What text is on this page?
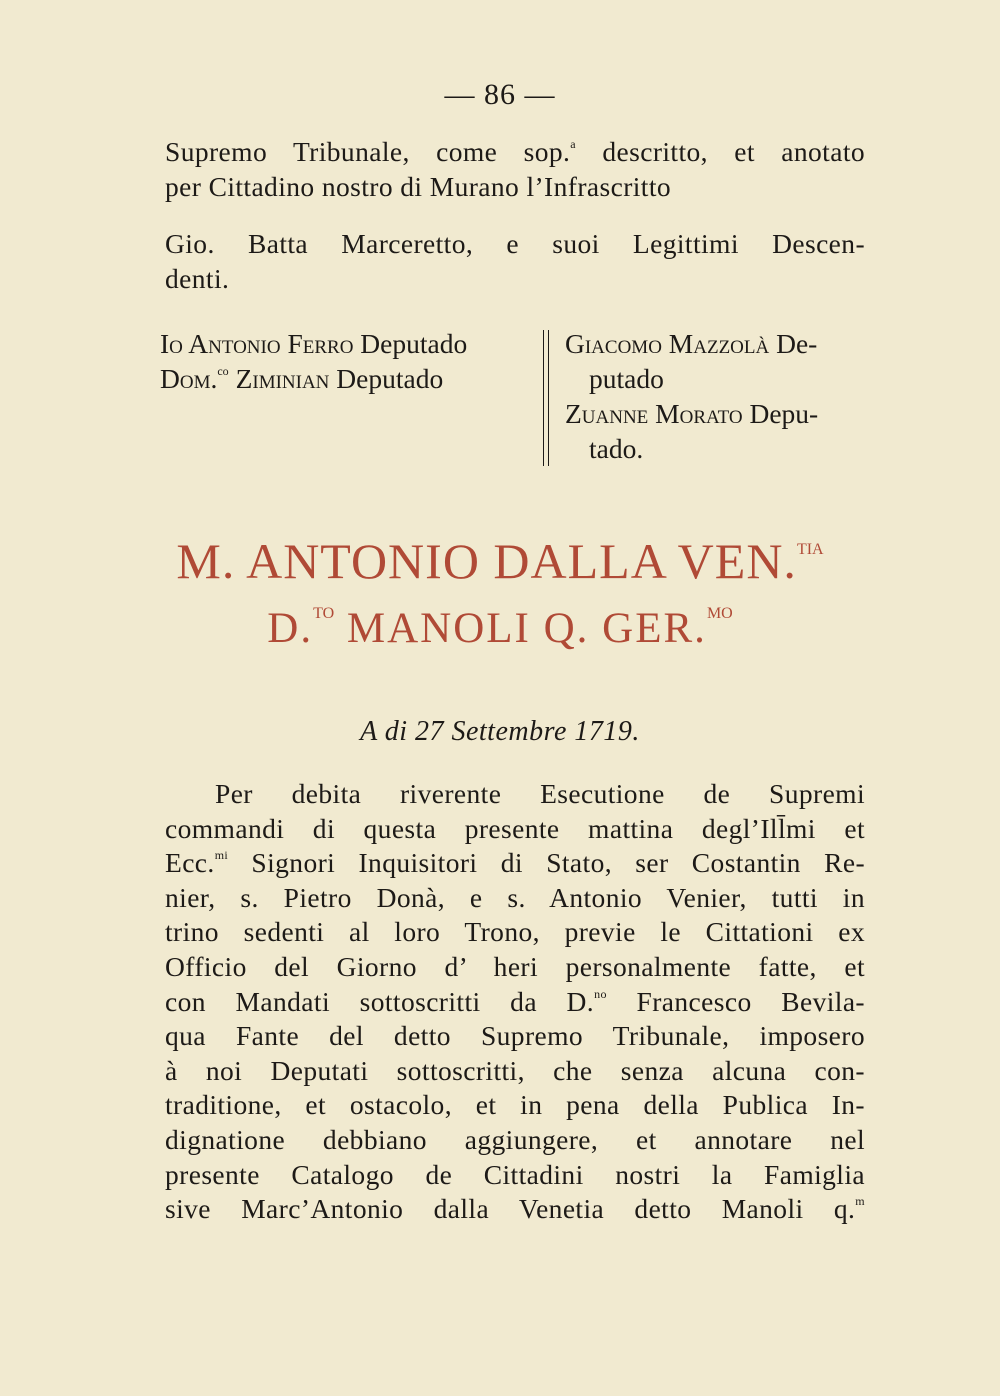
— 86 —
Supremo Tribunale, come sop.$^a$ descritto, et anotato
per Cittadino nostro di Murano l’Infrascritto
Gio. Batta Marceretto, e suoi Legittimi Descen-
denti.
Io Antonio Ferro Deputado
Dom.$^{co}$ Ziminian Deputado
Giacomo Mazzolà De-
putado
Zuanne Morato Depu-
tado.
M. ANTONIO DALLA VEN.$^{TIA}$
D.$^{TO}$ MANOLI Q. GER.$^{MO}$
A di 27 Settembre 1719.
Per debita riverente Esecutione de Supremi
commandi di questa presente mattina degl’Ill̄mi et
Ecc.$^{mi}$ Signori Inquisitori di Stato, ser Costantin Re-
nier, s. Pietro Donà, e s. Antonio Venier, tutti in
trino sedenti al loro Trono, previe le Cittationi ex
Officio del Giorno d’ heri personalmente fatte, et
con Mandati sottoscritti da D.$^{no}$ Francesco Bevila-
qua Fante del detto Supremo Tribunale, imposero
à noi Deputati sottoscritti, che senza alcuna con-
traditione, et ostacolo, et in pena della Publica In-
dignatione debbiano aggiungere, et annotare nel
presente Catalogo de Cittadini nostri la Famiglia
sive Marc’Antonio dalla Venetia detto Manoli q.$^m$
